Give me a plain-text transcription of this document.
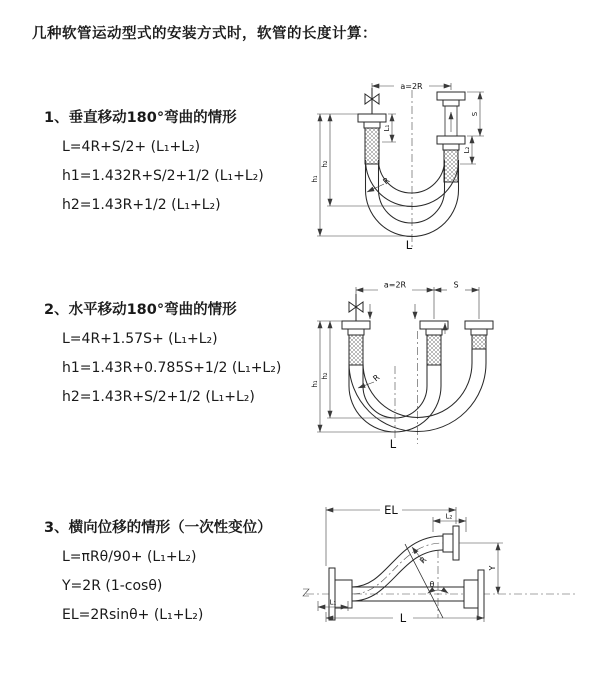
几种软管运动型式的安装方式时，软管的长度计算：
1、垂直移动180°弯曲的情形

L=4R+S/2+ (L₁+L₂)

h1=1.432R+S/2+1/2 (L₁+L₂)

h2=1.43R+1/2 (L₁+L₂)

a=2R
L₁
S
L₂
h₁
h₂
R
L
2、水平移动180°弯曲的情形

L=4R+1.57S+ (L₁+L₂)

h1=1.43R+0.785S+1/2 (L₁+L₂)

h2=1.43R+S/2+1/2 (L₁+L₂)

a=2R	S
h₁
h₂	R
L
3、横向位移的情形（一次性变位）

L=πRθ/90+ (L₁+L₂)

Y=2R (1-cosθ)

EL=2Rsinθ+ (L₁+L₂)

θ
R
EL	L₂
Y
L
L₁
